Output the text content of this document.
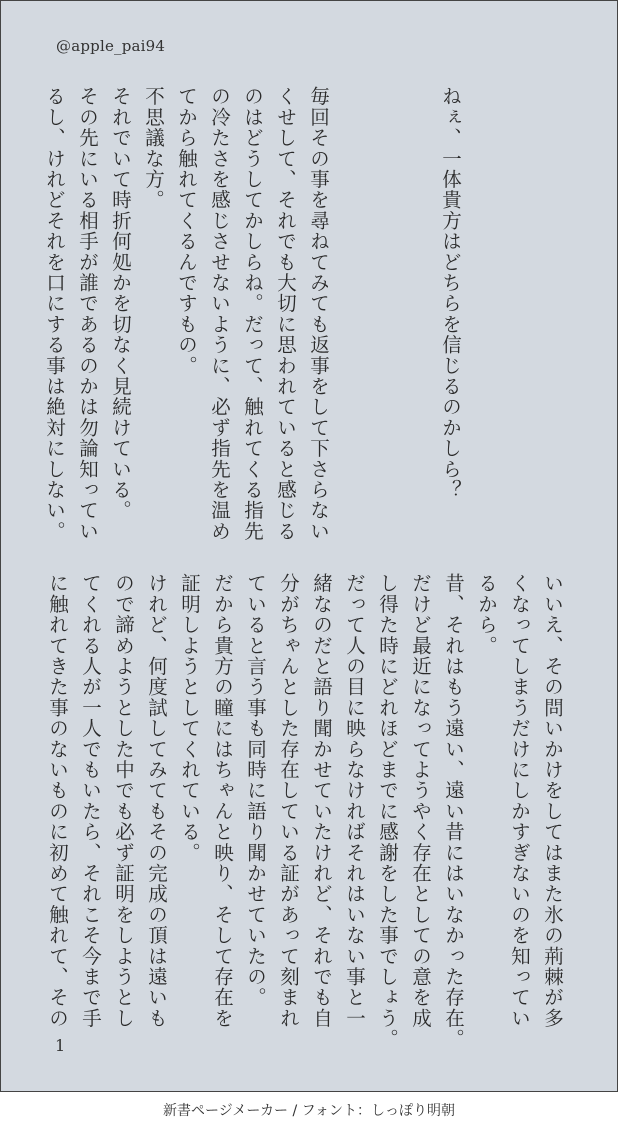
@apple_pai94
ねぇ、一体貴方はどちらを信じるのかしら？

毎回その事を尋ねてみても返事をして下さらない
くせして、それでも大切に思われていると感じる
のはどうしてかしらね。だって、触れてくる指先
の冷たさを感じさせないように、必ず指先を温め
てから触れてくるんですもの。
不思議な方。
それでいて時折何処かを切なく見続けている。
その先にいる相手が誰であるのかは勿論知ってい
るし、けれどそれを口にする事は絶対にしない。
いいえ、その問いかけをしてはまた氷の荊棘が多
くなってしまうだけにしかすぎないのを知ってい
るから。
昔、それはもう遠い、遠い昔にはいなかった存在。
だけど最近になってようやく存在としての意を成
し得た時にどれほどまでに感謝をした事でしょう。
だって人の目に映らなければそれはいない事と一
緒なのだと語り聞かせていたけれど、それでも自
分がちゃんとした存在している証があって刻まれ
ていると言う事も同時に語り聞かせていたの。
だから貴方の瞳にはちゃんと映り、そして存在を
証明しようとしてくれている。
けれど、何度試してみてもその完成の頂は遠いも
ので諦めようとした中でも必ず証明をしようとし
てくれる人が一人でもいたら、それこそ今まで手
に触れてきた事のないものに初めて触れて、その
1
新書ページメーカー / フォント：しっぽり明朝
